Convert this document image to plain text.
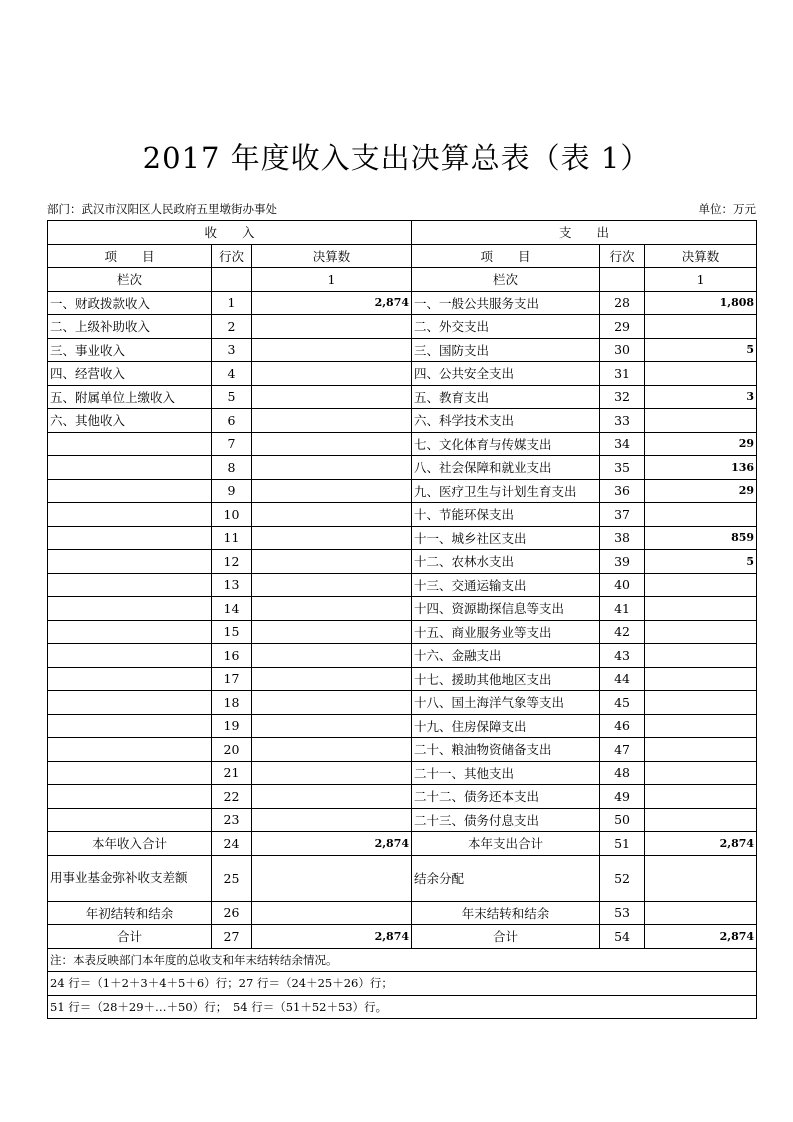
2017 年度收入支出决算总表（表 1）
部门：武汉市汉阳区人民政府五里墩街办事处	单位：万元
收　　入			支　　出		
项　　目	行次	决算数	项　　目	行次	决算数
栏次		1	栏次		1
一、财政拨款收入	1	2,874	一、一般公共服务支出	28	1,808
二、上级补助收入	2		二、外交支出	29	
三、事业收入	3		三、国防支出	30	5
四、经营收入	4		四、公共安全支出	31	
五、附属单位上缴收入	5		五、教育支出	32	3
六、其他收入	6		六、科学技术支出	33	
	7		七、文化体育与传媒支出	34	29
	8		八、社会保障和就业支出	35	136
	9		九、医疗卫生与计划生育支出	36	29
	10		十、节能环保支出	37	
	11		十一、城乡社区支出	38	859
	12		十二、农林水支出	39	5
	13		十三、交通运输支出	40	
	14		十四、资源勘探信息等支出	41	
	15		十五、商业服务业等支出	42	
	16		十六、金融支出	43	
	17		十七、援助其他地区支出	44	
	18		十八、国土海洋气象等支出	45	
	19		十九、住房保障支出	46	
	20		二十、粮油物资储备支出	47	
	21		二十一、其他支出	48	
	22		二十二、债务还本支出	49	
	23		二十三、债务付息支出	50	
本年收入合计	24	2,874	本年支出合计	51	2,874
用事业基金弥补收支差额	25		结余分配	52	
年初结转和结余	26		年末结转和结余	53	
合计	27	2,874	合计	54	2,874
注：本表反映部门本年度的总收支和年末结转结余情况。					
24 行＝（1＋2＋3＋4＋5＋6）行；27 行＝（24＋25＋26）行；					
51 行＝（28＋29＋…＋50）行；　54 行＝（51＋52＋53）行。					
